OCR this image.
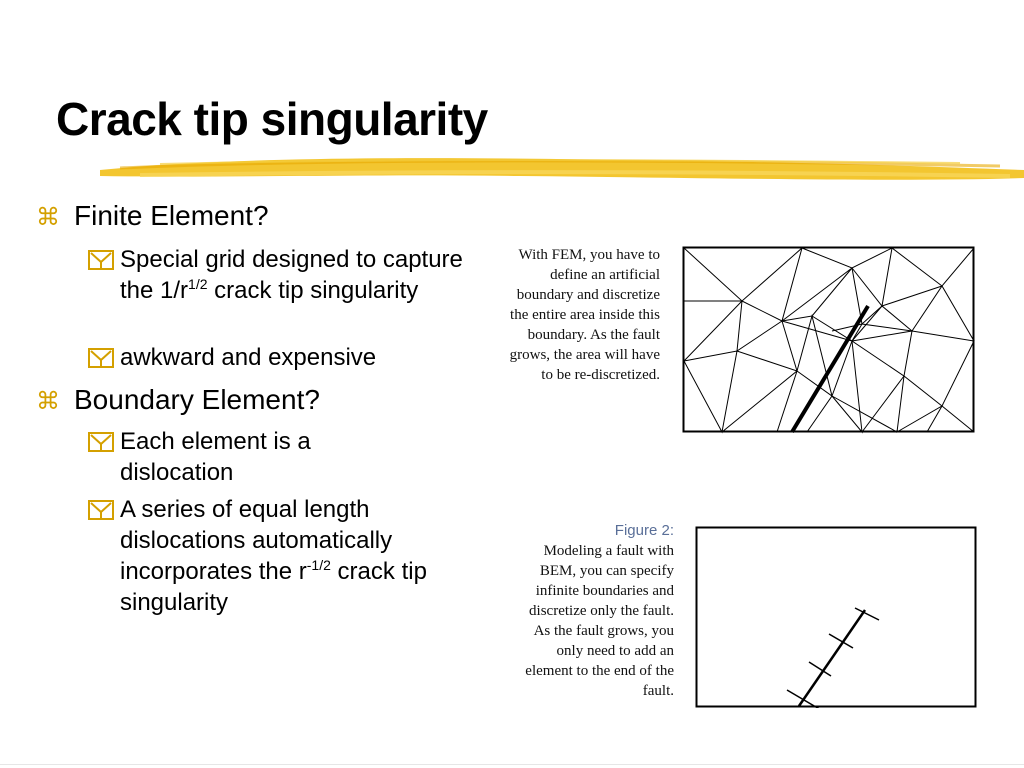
Crack tip singularity
⌘ Finite Element?
Special grid designed to capture the $1/r^{1/2}$ crack tip singularity
awkward and expensive
⌘ Boundary Element?
Each element is a dislocation
A series of equal length dislocations automatically incorporates the $r^{-1/2}$ crack tip singularity
With FEM, you have to define an artificial boundary and discretize the entire area inside this boundary. As the fault grows, the area will have to be re-discretized.
Figure 2:
Modeling a fault with BEM, you can specify infinite boundaries and discretize only the fault. As the fault grows, you only need to add an element to the end of the fault.
